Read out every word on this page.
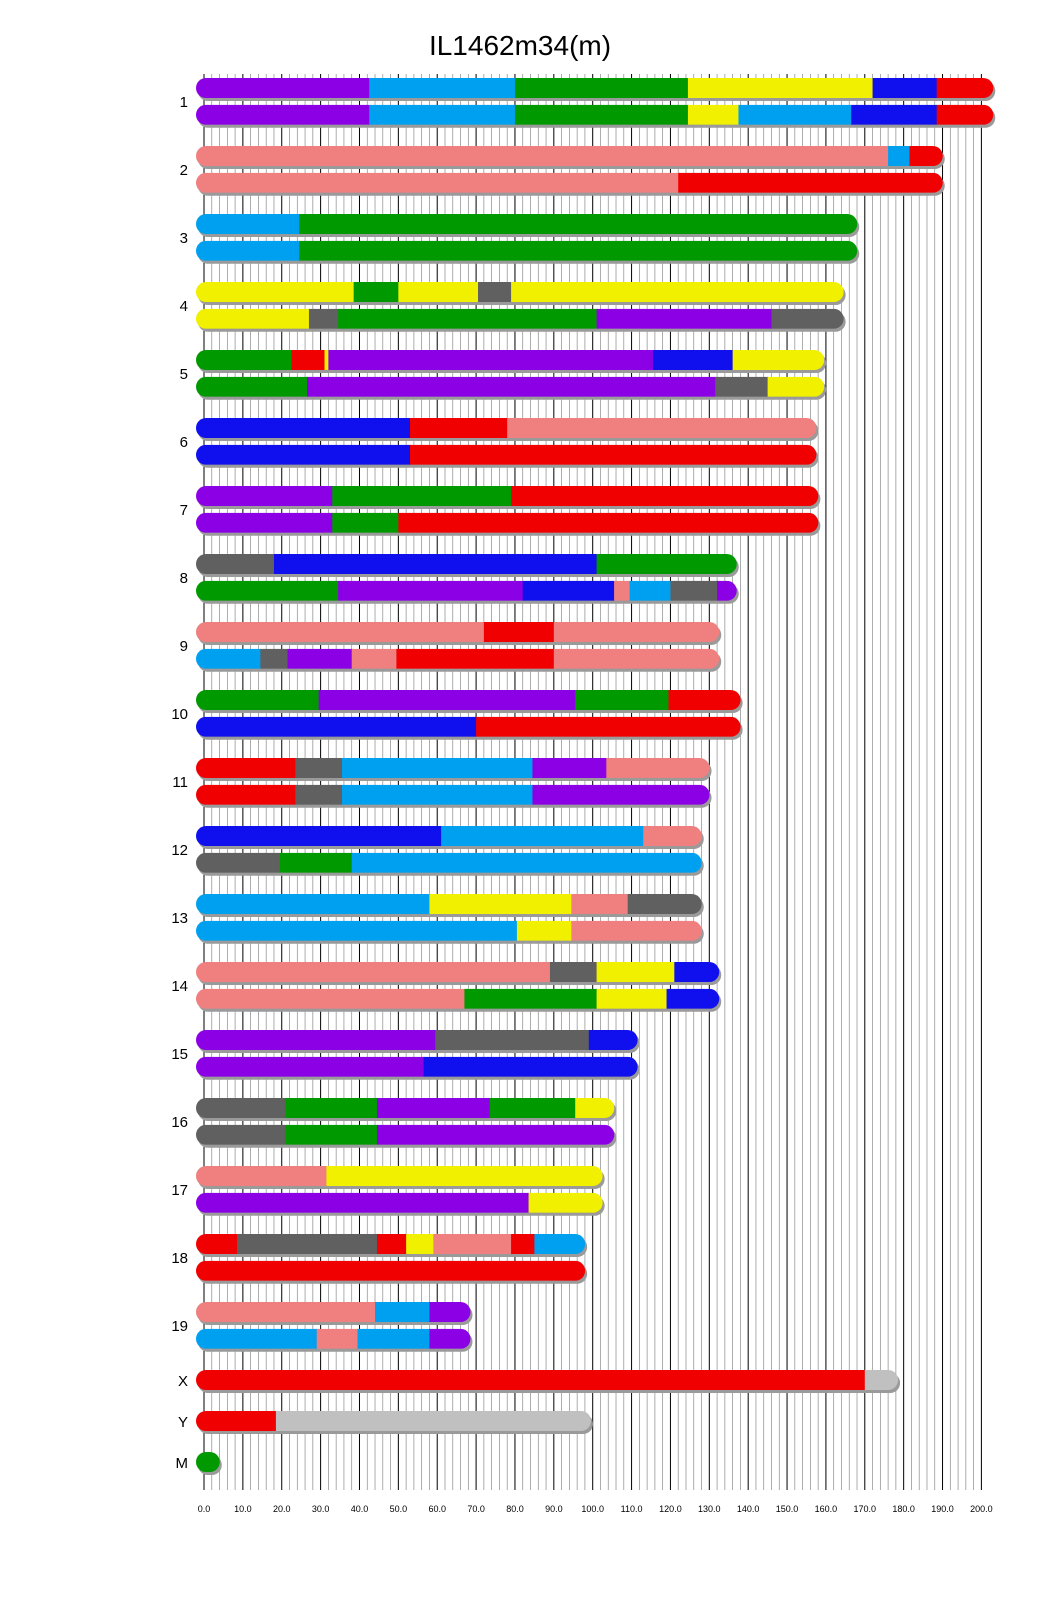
IL1462m34(m)
1
2
3
4
5
6
7
8
9
10
11
12
13
14
15
16
17
18
19
X
Y
M
0.0	10.0 20.0 30.0 40.0 50.0 60.0 70.0 80.0 90.0 100.0 110.0 120.0 130.0 140.0 150.0 160.0 170.0 180.0 190.0 200.0
